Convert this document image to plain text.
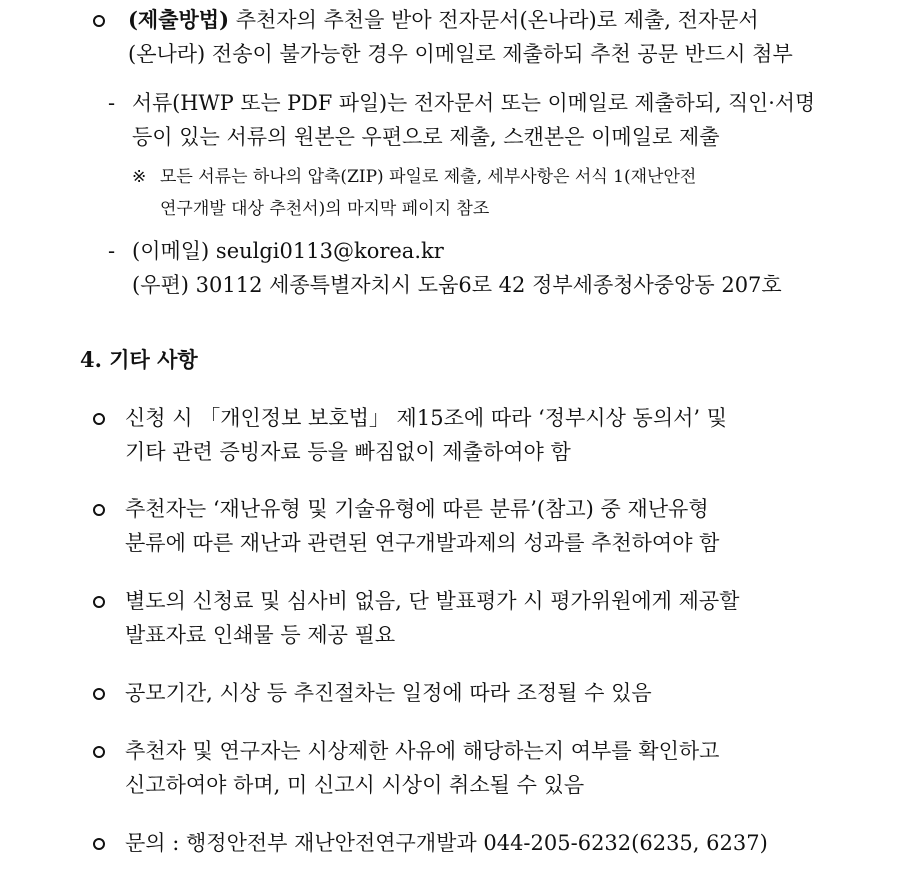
(제출방법) 추천자의 추천을 받아 전자문서(온나라)로 제출, 전자문서
(온나라) 전송이 불가능한 경우 이메일로 제출하되 추천 공문 반드시 첨부
- 서류(HWP 또는 PDF 파일)는 전자문서 또는 이메일로 제출하되, 직인·서명
등이 있는 서류의 원본은 우편으로 제출, 스캔본은 이메일로 제출
※ 모든 서류는 하나의 압축(ZIP) 파일로 제출, 세부사항은 서식 1(재난안전
연구개발 대상 추천서)의 마지막 페이지 참조
- (이메일) seulgi0113@korea.kr
(우편) 30112 세종특별자치시 도움6로 42 정부세종청사중앙동 207호
4. 기타 사항
신청 시 「개인정보 보호법」 제15조에 따라 ‘정부시상 동의서’ 및
기타 관련 증빙자료 등을 빠짐없이 제출하여야 함
추천자는 ‘재난유형 및 기술유형에 따른 분류’(참고) 중 재난유형
분류에 따른 재난과 관련된 연구개발과제의 성과를 추천하여야 함
별도의 신청료 및 심사비 없음, 단 발표평가 시 평가위원에게 제공할
발표자료 인쇄물 등 제공 필요
공모기간, 시상 등 추진절차는 일정에 따라 조정될 수 있음
추천자 및 연구자는 시상제한 사유에 해당하는지 여부를 확인하고
신고하여야 하며, 미 신고시 시상이 취소될 수 있음
문의 : 행정안전부 재난안전연구개발과 044-205-6232(6235, 6237)
